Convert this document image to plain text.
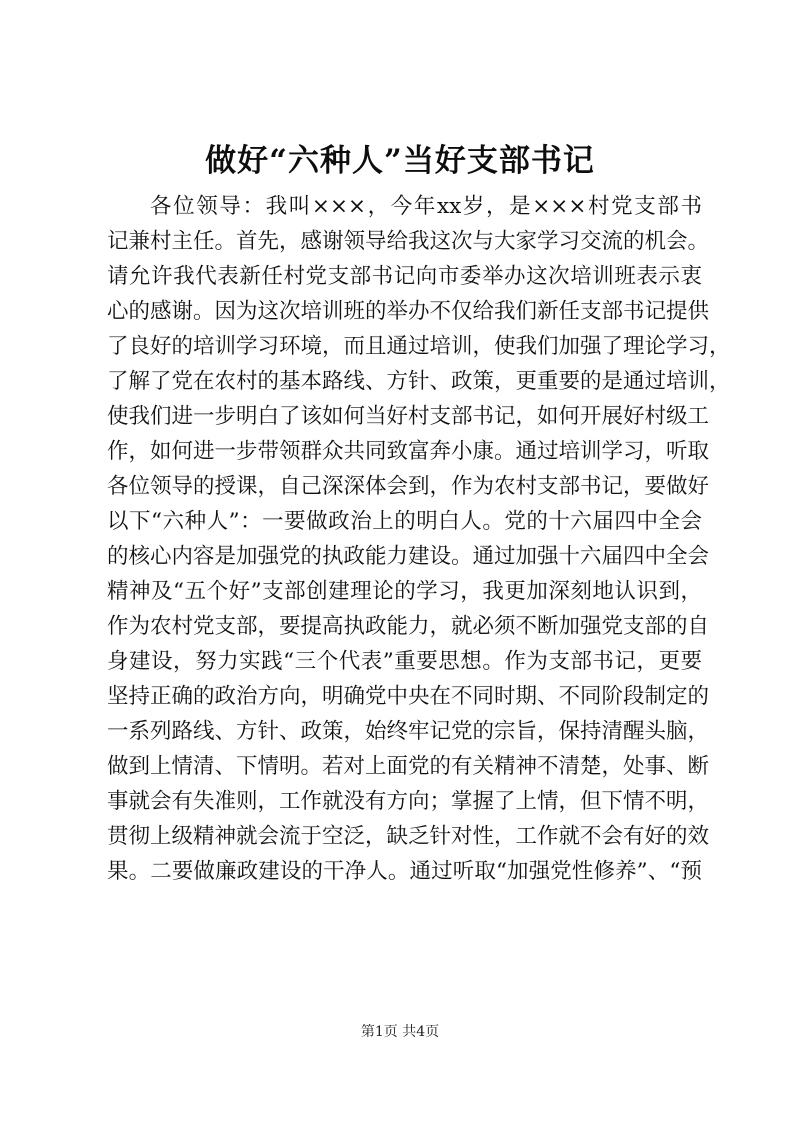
做好“六种人”当好支部书记
各位领导：我叫×××，今年xx岁，是×××村党支部书
记兼村主任。首先，感谢领导给我这次与大家学习交流的机会。
请允许我代表新任村党支部书记向市委举办这次培训班表示衷
心的感谢。因为这次培训班的举办不仅给我们新任支部书记提供
了良好的培训学习环境，而且通过培训，使我们加强了理论学习，
了解了党在农村的基本路线、方针、政策，更重要的是通过培训，
使我们进一步明白了该如何当好村支部书记，如何开展好村级工
作，如何进一步带领群众共同致富奔小康。通过培训学习，听取
各位领导的授课，自己深深体会到，作为农村支部书记，要做好
以下“六种人”：一要做政治上的明白人。党的十六届四中全会
的核心内容是加强党的执政能力建设。通过加强十六届四中全会
精神及“五个好”支部创建理论的学习，我更加深刻地认识到，
作为农村党支部，要提高执政能力，就必须不断加强党支部的自
身建设，努力实践“三个代表”重要思想。作为支部书记，更要
坚持正确的政治方向，明确党中央在不同时期、不同阶段制定的
一系列路线、方针、政策，始终牢记党的宗旨，保持清醒头脑，
做到上情清、下情明。若对上面党的有关精神不清楚，处事、断
事就会有失准则，工作就没有方向；掌握了上情，但下情不明，
贯彻上级精神就会流于空泛，缺乏针对性，工作就不会有好的效
果。二要做廉政建设的干净人。通过听取“加强党性修养”、“预
第1页 共4页
